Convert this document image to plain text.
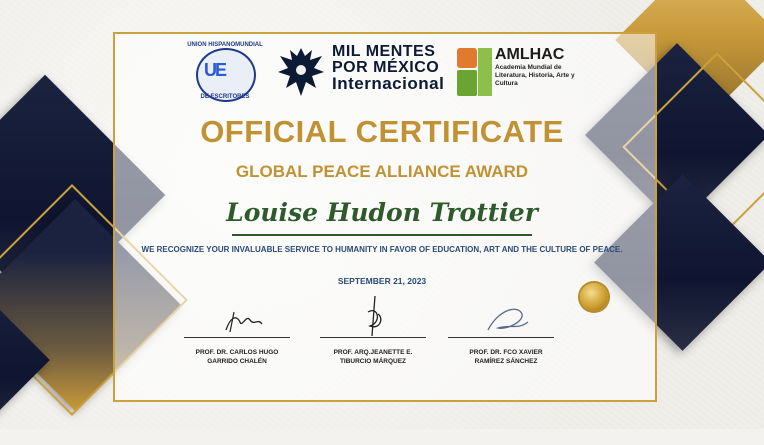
UE
UNION HISPANOMUNDIAL
DE ESCRITORES
MIL MENTES
POR MÉXICO
Internacional
AMLHAC
Academia Mundial de Literatura, Historia, Arte y Cultura
OFFICIAL CERTIFICATE
GLOBAL PEACE ALLIANCE AWARD
Louise Hudon Trottier
WE RECOGNIZE YOUR INVALUABLE SERVICE TO HUMANITY IN FAVOR OF EDUCATION, ART AND THE CULTURE OF PEACE.
SEPTEMBER 21, 2023
PROF. DR. CARLOS HUGO
GARRIDO CHALÉN
PROF. ARQ.JEANETTE E.
TIBURCIO MÁRQUEZ
PROF. DR. FCO XAVIER
RAMÍREZ SÁNCHEZ
